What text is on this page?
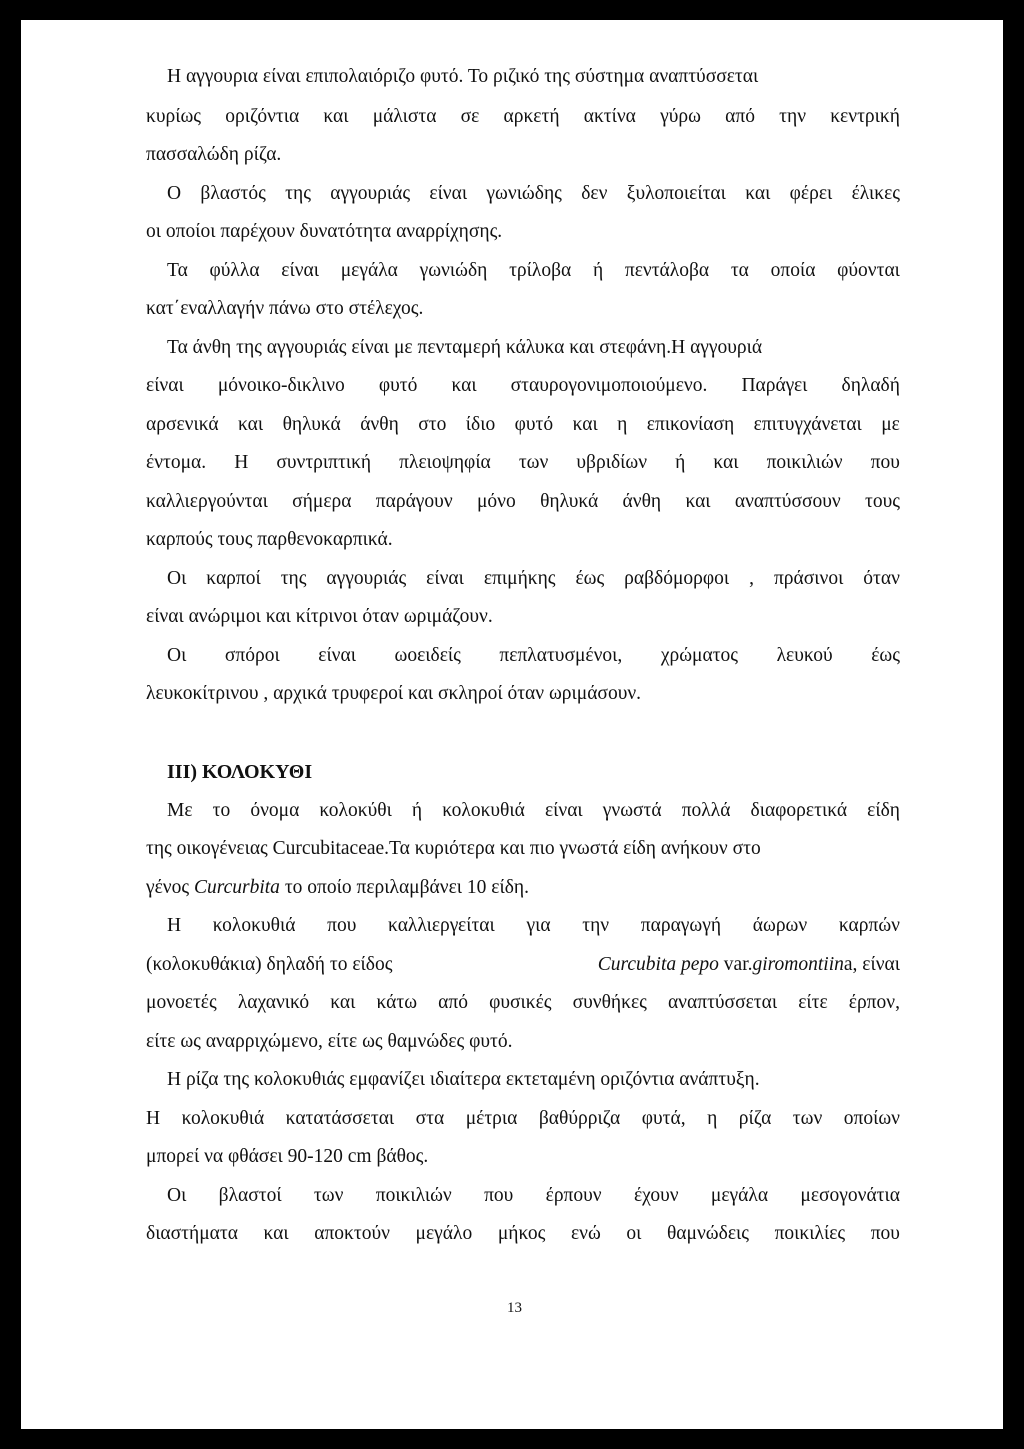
Η αγγουρια είναι επιπολαιόριζο φυτό. Το ριζικό της σύστημα αναπτύσσεται
κυρίως οριζόντια και μάλιστα σε αρκετή ακτίνα γύρω από την κεντρική
πασσαλώδη ρίζα.
Ο βλαστός της αγγουριάς είναι γωνιώδης δεν ξυλοποιείται και φέρει έλικες
οι οποίοι παρέχουν δυνατότητα αναρρίχησης.
Τα φύλλα είναι μεγάλα γωνιώδη τρίλοβα ή πεντάλοβα τα οποία φύονται
κατ΄εναλλαγήν πάνω στο στέλεχος.
Τα άνθη της αγγουριάς είναι με πενταμερή κάλυκα και στεφάνη.Η αγγουριά
είναι μόνοικο-δικλινο φυτό και σταυρογονιμοποιούμενο. Παράγει δηλαδή
αρσενικά και θηλυκά άνθη στο ίδιο φυτό και η επικονίαση επιτυγχάνεται με
έντομα. Η συντριπτική πλειοψηφία των υβριδίων ή και ποικιλιών που
καλλιεργούνται σήμερα παράγουν μόνο θηλυκά άνθη και αναπτύσσουν τους
καρπούς τους παρθενοκαρπικά.
Οι καρποί της αγγουριάς είναι επιμήκης έως ραβδόμορφοι , πράσινοι όταν
είναι ανώριμοι και κίτρινοι όταν ωριμάζουν.
Οι σπόροι είναι ωοειδείς πεπλατυσμένοι, χρώματος λευκού έως
λευκοκίτρινου , αρχικά τρυφεροί και σκληροί όταν ωριμάσουν.
ΙΙΙ) ΚΟΛΟΚΥΘΙ
Με το όνομα κολοκύθι ή κολοκυθιά είναι γνωστά πολλά διαφορετικά είδη
της οικογένειας Curcubitaceae.Τα κυριότερα και πιο γνωστά είδη ανήκουν στο
γένος Curcurbita το οποίο περιλαμβάνει 10 είδη.
Η κολοκυθιά που καλλιεργείται για την παραγωγή άωρων καρπών
(κολοκυθάκια) δηλαδή το είδος	Curcubita pepo var.giromontiina, είναι
μονοετές λαχανικό και κάτω από φυσικές συνθήκες αναπτύσσεται είτε έρπον,
είτε ως αναρριχώμενο, είτε ως θαμνώδες φυτό.
Η ρίζα της κολοκυθιάς εμφανίζει ιδιαίτερα εκτεταμένη οριζόντια ανάπτυξη.
Η κολοκυθιά κατατάσσεται στα μέτρια βαθύρριζα φυτά, η ρίζα των οποίων
μπορεί να φθάσει 90-120 cm βάθος.
Οι βλαστοί των ποικιλιών που έρπουν έχουν μεγάλα μεσογονάτια
διαστήματα και αποκτούν μεγάλο μήκος ενώ οι θαμνώδεις ποικιλίες που
13
